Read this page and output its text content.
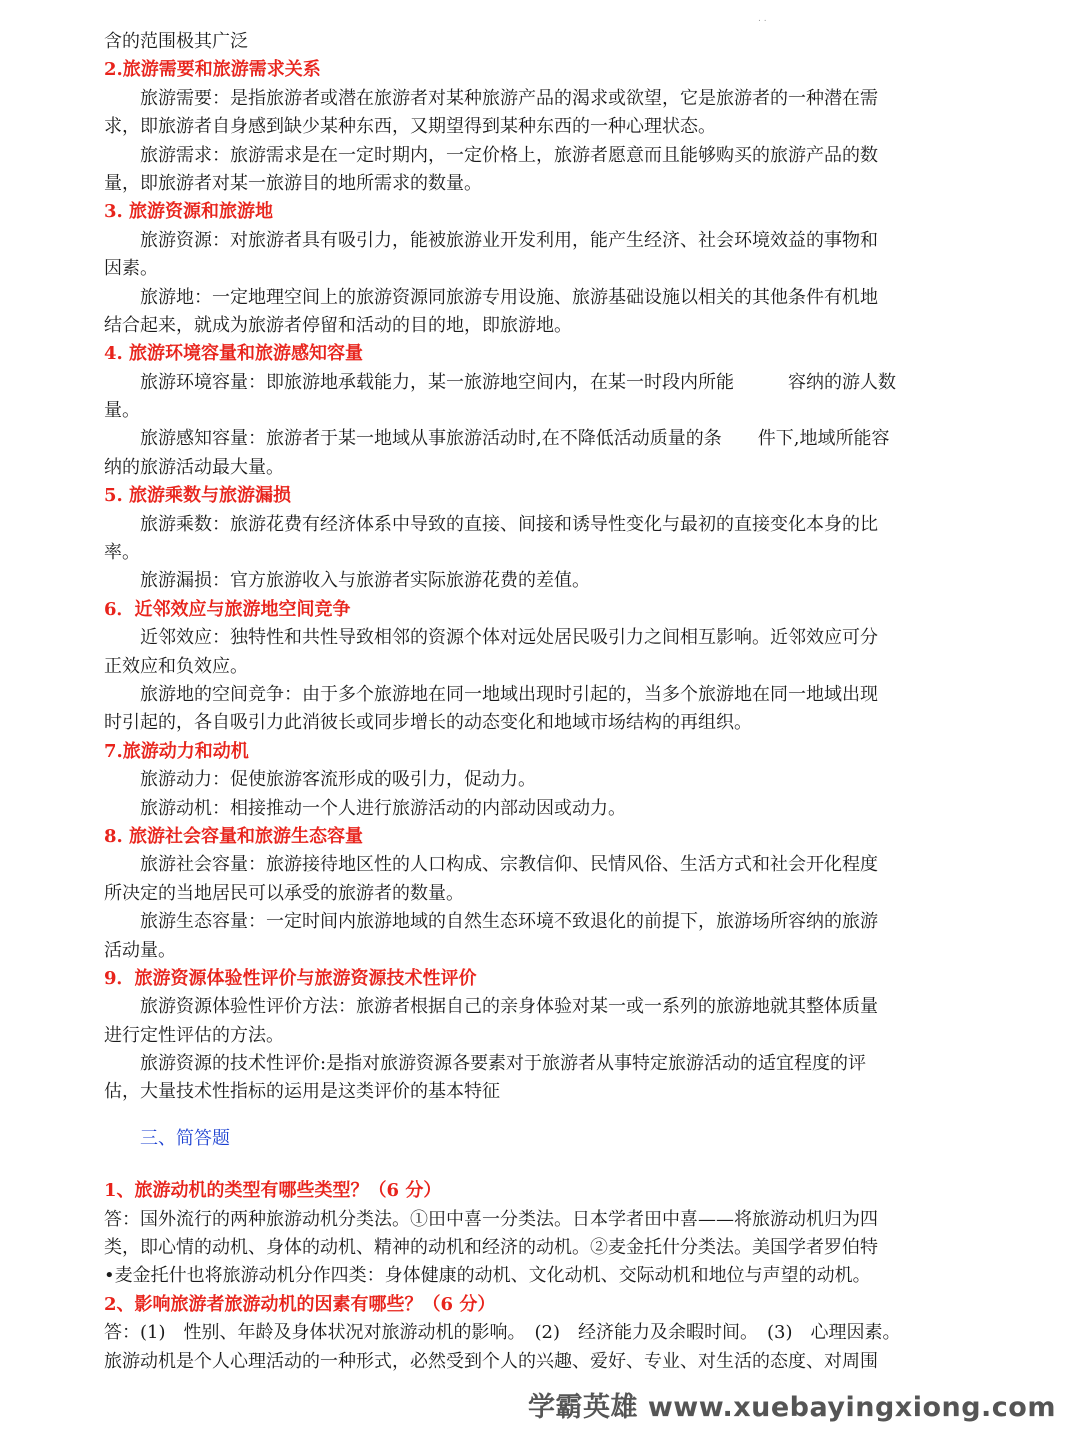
. .
含的范围极其广泛
2.旅游需要和旅游需求关系
旅游需要：是指旅游者或潜在旅游者对某种旅游产品的渴求或欲望，它是旅游者的一种潜在需
求，即旅游者自身感到缺少某种东西，又期望得到某种东西的一种心理状态。
旅游需求：旅游需求是在一定时期内，一定价格上，旅游者愿意而且能够购买的旅游产品的数
量，即旅游者对某一旅游目的地所需求的数量。
3. 旅游资源和旅游地
旅游资源：对旅游者具有吸引力，能被旅游业开发利用，能产生经济、社会环境效益的事物和
因素。
旅游地：一定地理空间上的旅游资源同旅游专用设施、旅游基础设施以相关的其他条件有机地
结合起来，就成为旅游者停留和活动的目的地，即旅游地。
4. 旅游环境容量和旅游感知容量
旅游环境容量：即旅游地承载能力，某一旅游地空间内，在某一时段内所能　　　容纳的游人数
量。
旅游感知容量：旅游者于某一地域从事旅游活动时,在不降低活动质量的条　　件下,地域所能容
纳的旅游活动最大量。
5. 旅游乘数与旅游漏损
旅游乘数：旅游花费有经济体系中导致的直接、间接和诱导性变化与最初的直接变化本身的比
率。
旅游漏损：官方旅游收入与旅游者实际旅游花费的差值。
6．近邻效应与旅游地空间竞争
近邻效应：独特性和共性导致相邻的资源个体对远处居民吸引力之间相互影响。近邻效应可分
正效应和负效应。
旅游地的空间竞争：由于多个旅游地在同一地域出现时引起的，当多个旅游地在同一地域出现
时引起的，各自吸引力此消彼长或同步增长的动态变化和地域市场结构的再组织。
7.旅游动力和动机
旅游动力：促使旅游客流形成的吸引力，促动力。
旅游动机：相接推动一个人进行旅游活动的内部动因或动力。
8. 旅游社会容量和旅游生态容量
旅游社会容量：旅游接待地区性的人口构成、宗教信仰、民情风俗、生活方式和社会开化程度
所决定的当地居民可以承受的旅游者的数量。
旅游生态容量：一定时间内旅游地域的自然生态环境不致退化的前提下，旅游场所容纳的旅游
活动量。
9．旅游资源体验性评价与旅游资源技术性评价
旅游资源体验性评价方法：旅游者根据自己的亲身体验对某一或一系列的旅游地就其整体质量
进行定性评估的方法。
旅游资源的技术性评价:是指对旅游资源各要素对于旅游者从事特定旅游活动的适宜程度的评
估，大量技术性指标的运用是这类评价的基本特征
三、简答题
1、旅游动机的类型有哪些类型？（6 分）
答：国外流行的两种旅游动机分类法。①田中喜一分类法。日本学者田中喜——将旅游动机归为四
类，即心情的动机、身体的动机、精神的动机和经济的动机。②麦金托什分类法。美国学者罗伯特
•麦金托什也将旅游动机分作四类：身体健康的动机、文化动机、交际动机和地位与声望的动机。
2、影响旅游者旅游动机的因素有哪些？（6 分）
答：(1)　性别、年龄及身体状况对旅游动机的影响。　(2)　经济能力及余暇时间。　(3)　心理因素。
旅游动机是个人心理活动的一种形式，必然受到个人的兴趣、爱好、专业、对生活的态度、对周围
学霸英雄 www.xuebayingxiong.com
